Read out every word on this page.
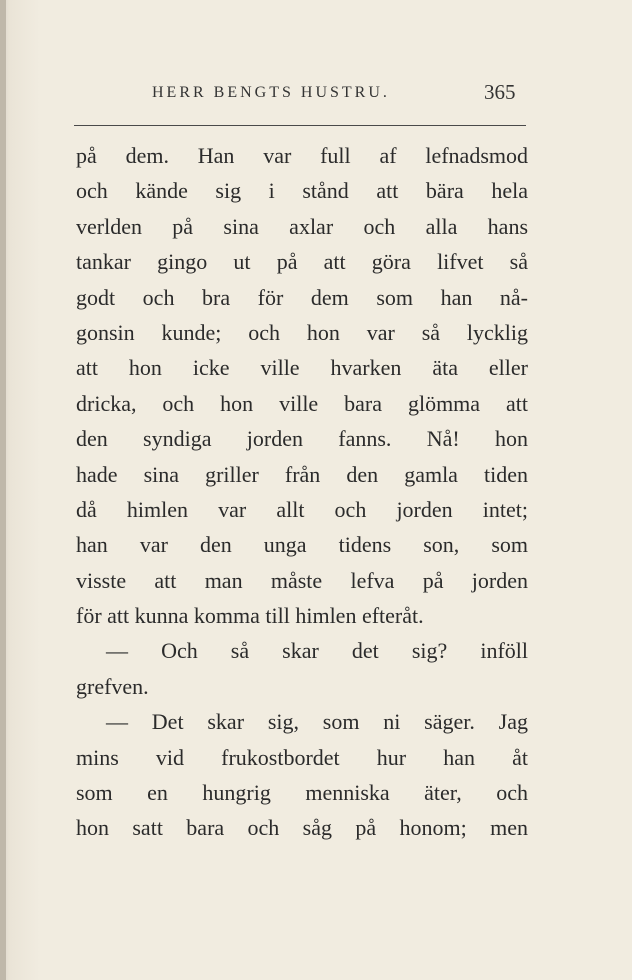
HERR BENGTS HUSTRU.	365
på dem. Han var full af lefnadsmod
och kände sig i stånd att bära hela
verlden på sina axlar och alla hans
tankar gingo ut på att göra lifvet så
godt och bra för dem som han nå-
gonsin kunde; och hon var så lycklig
att hon icke ville hvarken äta eller
dricka, och hon ville bara glömma att
den syndiga jorden fanns. Nå! hon
hade sina griller från den gamla tiden
då himlen var allt och jorden intet;
han var den unga tidens son, som
visste att man måste lefva på jorden
för att kunna komma till himlen efteråt.
— Och så skar det sig? inföll
grefven.
— Det skar sig, som ni säger. Jag
mins vid frukostbordet hur han åt
som en hungrig menniska äter, och
hon satt bara och såg på honom; men
